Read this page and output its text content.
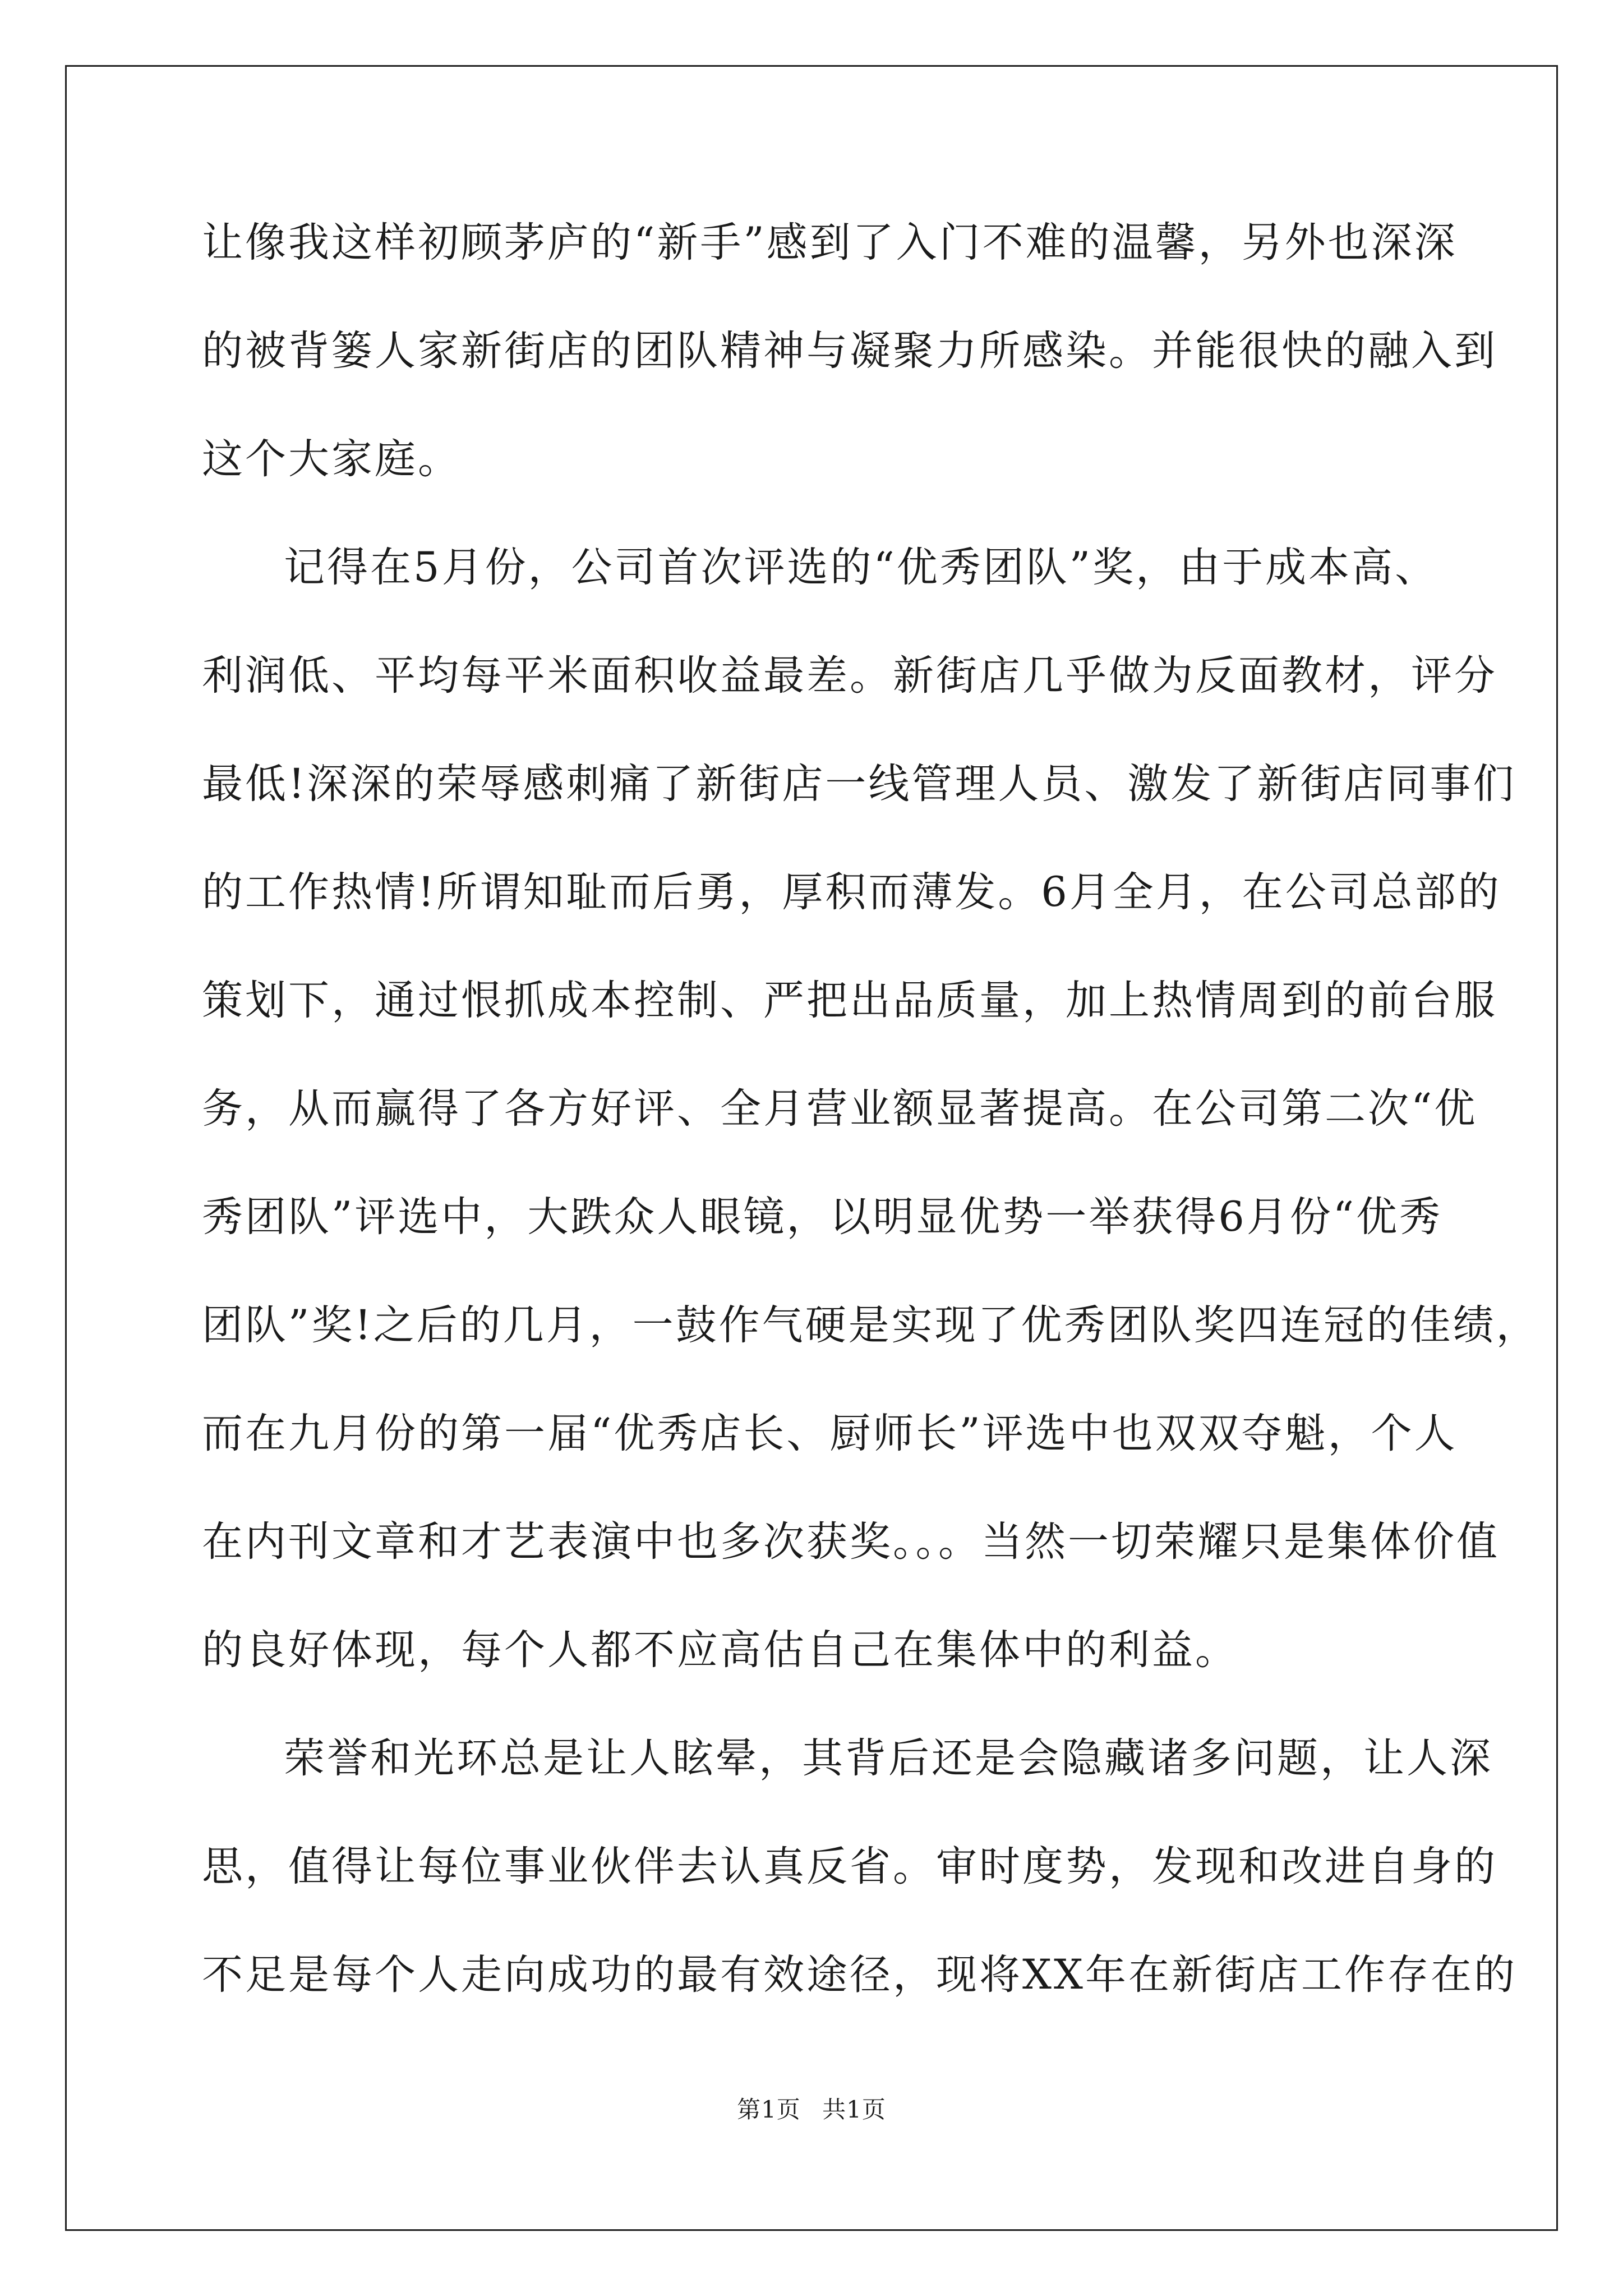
让像我这样初顾茅庐的“新手”感到了入门不难的温馨，另外也深深
的被背篓人家新街店的团队精神与凝聚力所感染。并能很快的融入到
这个大家庭。
记得在5月份，公司首次评选的“优秀团队”奖，由于成本高、
利润低、平均每平米面积收益最差。新街店几乎做为反面教材，评分
最低!深深的荣辱感刺痛了新街店一线管理人员、激发了新街店同事们
的工作热情!所谓知耻而后勇，厚积而薄发。6月全月，在公司总部的
策划下，通过恨抓成本控制、严把出品质量，加上热情周到的前台服
务，从而赢得了各方好评、全月营业额显著提高。在公司第二次“优
秀团队”评选中，大跌众人眼镜，以明显优势一举获得6月份“优秀
团队”奖!之后的几月，一鼓作气硬是实现了优秀团队奖四连冠的佳绩，
而在九月份的第一届“优秀店长、厨师长”评选中也双双夺魁，个人
在内刊文章和才艺表演中也多次获奖。。。当然一切荣耀只是集体价值
的良好体现，每个人都不应高估自己在集体中的利益。
荣誉和光环总是让人眩晕，其背后还是会隐藏诸多问题，让人深
思，值得让每位事业伙伴去认真反省。审时度势，发现和改进自身的
不足是每个人走向成功的最有效途径，现将XX年在新街店工作存在的
第1页 共1页
